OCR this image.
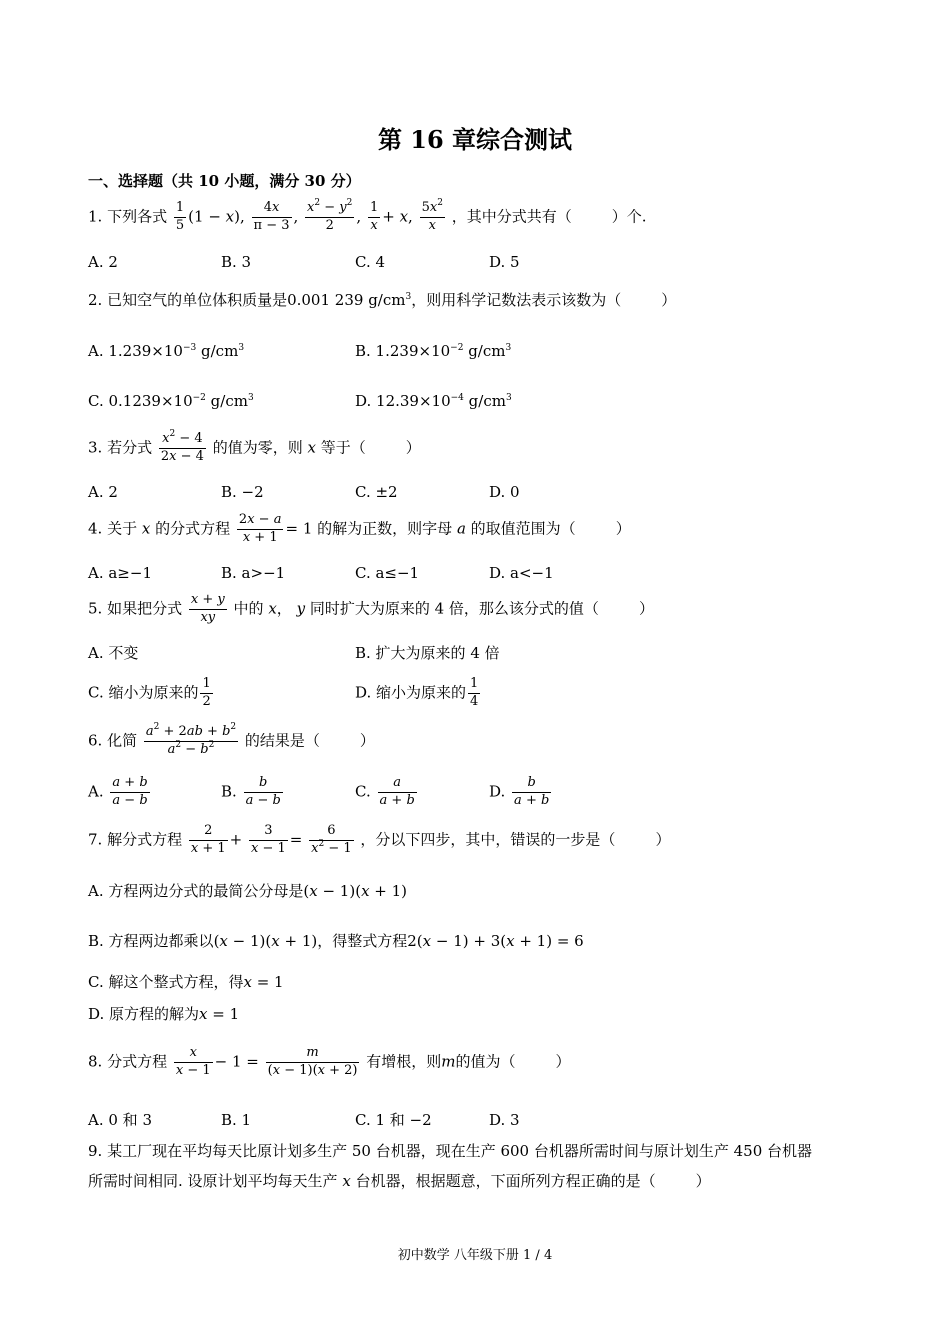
第 16 章综合测试
一、选择题（共 10 小题，满分 30 分）
1. 下列各式 $\frac{1}{5} (1 - x)$, $\frac{4x}{\pi - 3}$ , $\frac{x^2 - y^2}{2}$ , $\frac{1}{x} + x$, $\frac{5x^2}{x}$ ，其中分式共有（	）个.
A. 2	B. 3	C. 4	D. 5
2. 已知空气的单位体积质量是0.001 239 $g/cm^3$，则用科学记数法表示该数为（	）
A. $1.239\times 10^{-3}$ $g/cm^3$	B. $1.239\times 10^{-2}$ $g/cm^3$
C. $0.1239\times 10^{-2}$ $g/cm^3$	D. $12.39\times 10^{-4}$ $g/cm^3$
3. 若分式 $\frac{x^2 - 4}{2x - 4}$ 的值为零，则 x 等于（	）
A. 2	B. −2	C. ±2	D. 0
4. 关于 x 的分式方程 $\frac{2x - a}{x + 1} = 1$ 的解为正数，则字母 a 的取值范围为（	）
A. a≥−1	B. a>−1	C. a≤−1	D. a<−1
5. 如果把分式 $\frac{x + y}{xy}$ 中的 x， y 同时扩大为原来的 4 倍，那么该分式的值（	）
A. 不变	B. 扩大为原来的 4 倍
C. 缩小为原来的 $\frac{1}{2}$	D. 缩小为原来的 $\frac{1}{4}$
6. 化简 $\frac{a^2 + 2ab + b^2}{a^2 - b^2}$ 的结果是（	）
A. $\frac{a + b}{a - b}$	B. $\frac{b}{a - b}$	C. $\frac{a}{a + b}$	D. $\frac{b}{a + b}$
7. 解分式方程 $\frac{2}{x + 1} + \frac{3}{x - 1} = \frac{6}{x^2 - 1}$ ，分以下四步，其中，错误的一步是（	）
A. 方程两边分式的最简公分母是(x − 1)(x + 1)
B. 方程两边都乘以(x − 1)(x + 1)，得整式方程2(x − 1) + 3(x + 1) = 6
C. 解这个整式方程，得x = 1
D. 原方程的解为x = 1
8. 分式方程 $\frac{x}{x - 1} - 1 = \frac{m}{(x - 1)(x + 2)}$ 有增根，则m的值为（	）
A. 0 和 3	B. 1	C. 1 和 −2	D. 3
9. 某工厂现在平均每天比原计划多生产 50 台机器，现在生产 600 台机器所需时间与原计划生产 450 台机器
所需时间相同. 设原计划平均每天生产 x 台机器，根据题意，下面所列方程正确的是（	）
初中数学 八年级下册 1 / 4
